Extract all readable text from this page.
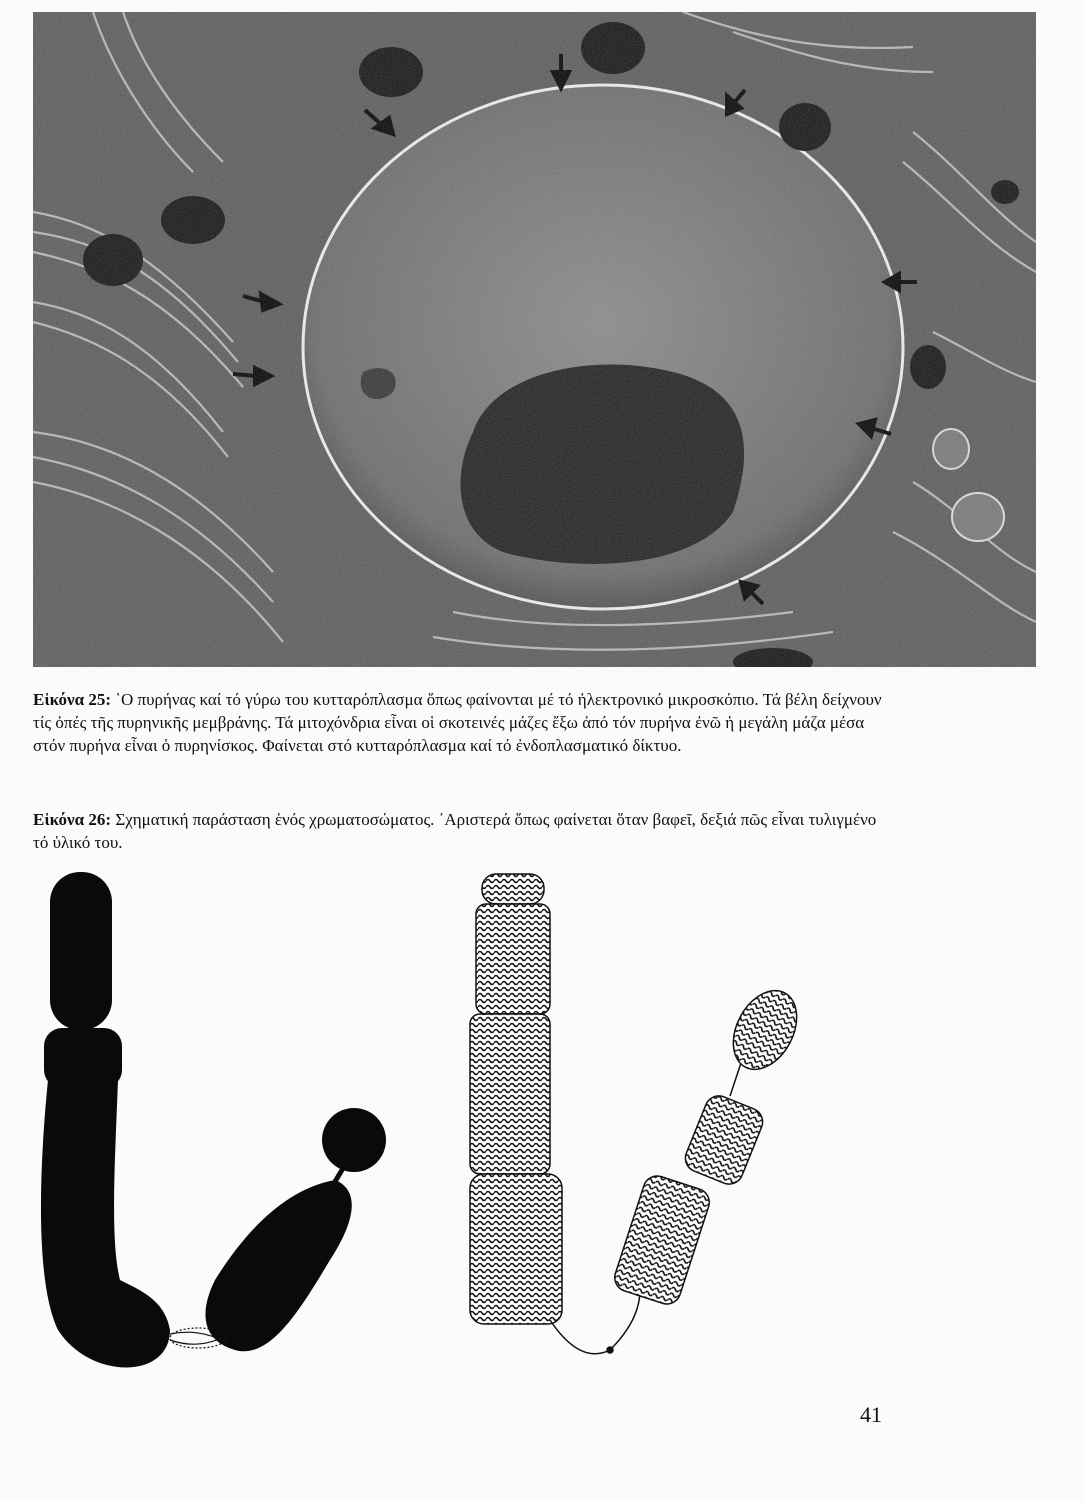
Εἰκόνα 25: ῾Ο πυρήνας καί τό γύρω του κυτταρόπλασμα ὅπως φαίνονται μέ τό ἠλεκτρονικό μικροσκόπιο. Τά βέλη δείχνουν τίς ὀπές τῆς πυρηνικῆς μεμβράνης. Τά μιτοχόνδρια εἶναι οἱ σκοτεινές μάζες ἔξω ἀπό τόν πυρήνα ἐνῶ ἡ μεγάλη μάζα μέσα στόν πυρήνα εἶναι ὁ πυρηνίσκος. Φαίνεται στό κυτταρόπλασμα καί τό ἐνδοπλασματικό δίκτυο.

Εἰκόνα 26: Σχηματική παράσταση ἑνός χρωματοσώματος. ᾿Αριστερά ὅπως φαίνεται ὅταν βαφεῖ, δεξιά πῶς εἶναι τυλιγμένο τό ὑλικό του.

41
